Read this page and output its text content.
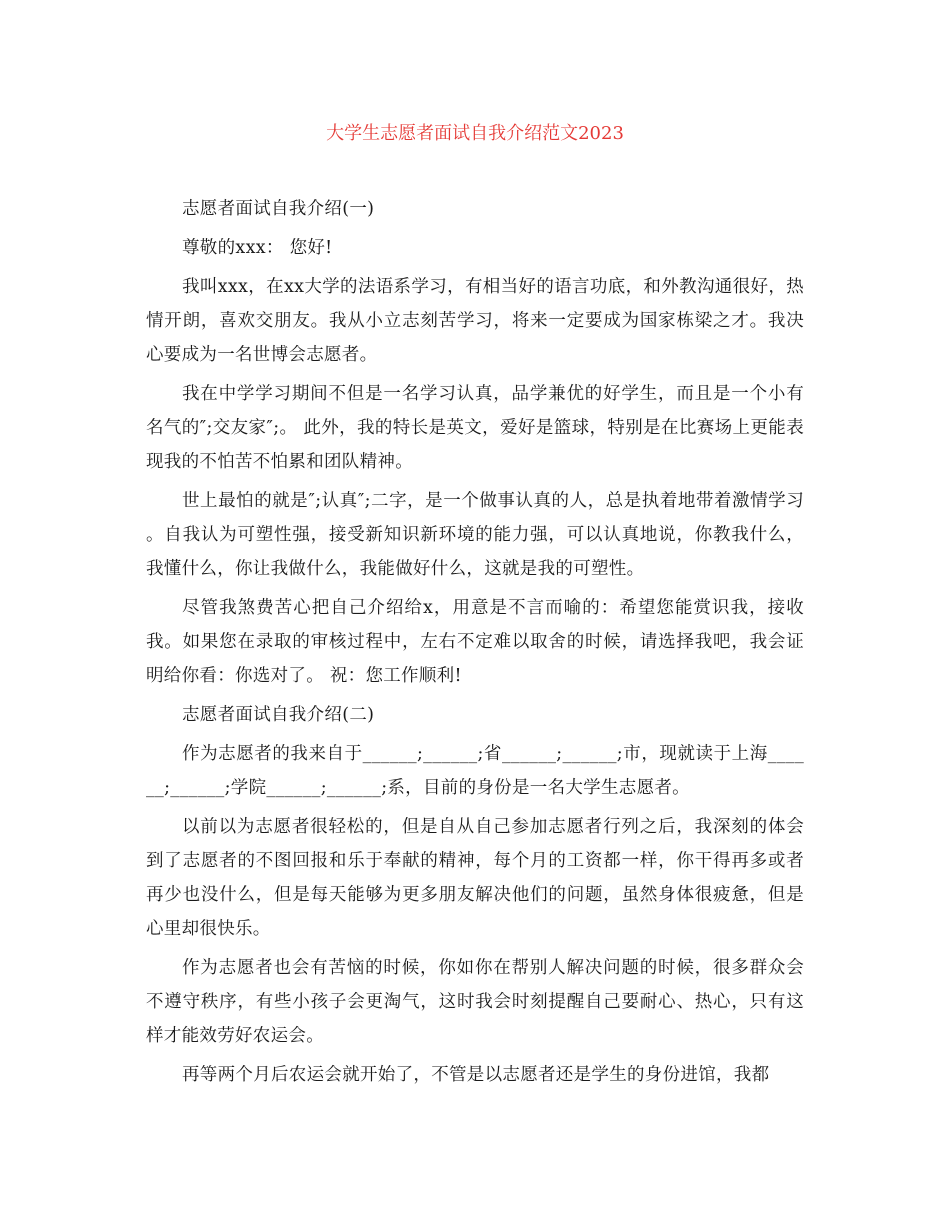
大学生志愿者面试自我介绍范文2023

志愿者面试自我介绍(一)

尊敬的xxx： 您好!

我叫xxx，在xx大学的法语系学习，有相当好的语言功底，和外教沟通很好，热情开朗，喜欢交朋友。我从小立志刻苦学习，将来一定要成为国家栋梁之才。我决心要成为一名世博会志愿者。

我在中学学习期间不但是一名学习认真，品学兼优的好学生，而且是一个小有名气的″;交友家″;。 此外，我的特长是英文，爱好是篮球，特别是在比赛场上更能表现我的不怕苦不怕累和团队精神。

世上最怕的就是″;认真″;二字，是一个做事认真的人，总是执着地带着激情学习 。自我认为可塑性强，接受新知识新环境的能力强，可以认真地说，你教我什么，我懂什么，你让我做什么，我能做好什么，这就是我的可塑性。

尽管我煞费苦心把自己介绍给x，用意是不言而喻的：希望您能赏识我，接收我。如果您在录取的审核过程中，左右不定难以取舍的时候，请选择我吧，我会证明给你看：你选对了。 祝：您工作顺利!

志愿者面试自我介绍(二)

作为志愿者的我来自于______;______;省______;______;市，现就读于上海______;______;学院______;______;系，目前的身份是一名大学生志愿者。

以前以为志愿者很轻松的，但是自从自己参加志愿者行列之后，我深刻的体会到了志愿者的不图回报和乐于奉献的精神，每个月的工资都一样，你干得再多或者再少也没什么，但是每天能够为更多朋友解决他们的问题，虽然身体很疲惫，但是心里却很快乐。

作为志愿者也会有苦恼的时候，你如你在帮别人解决问题的时候，很多群众会不遵守秩序，有些小孩子会更淘气，这时我会时刻提醒自己要耐心、热心，只有这样才能效劳好农运会。

再等两个月后农运会就开始了，不管是以志愿者还是学生的身份进馆，我都
